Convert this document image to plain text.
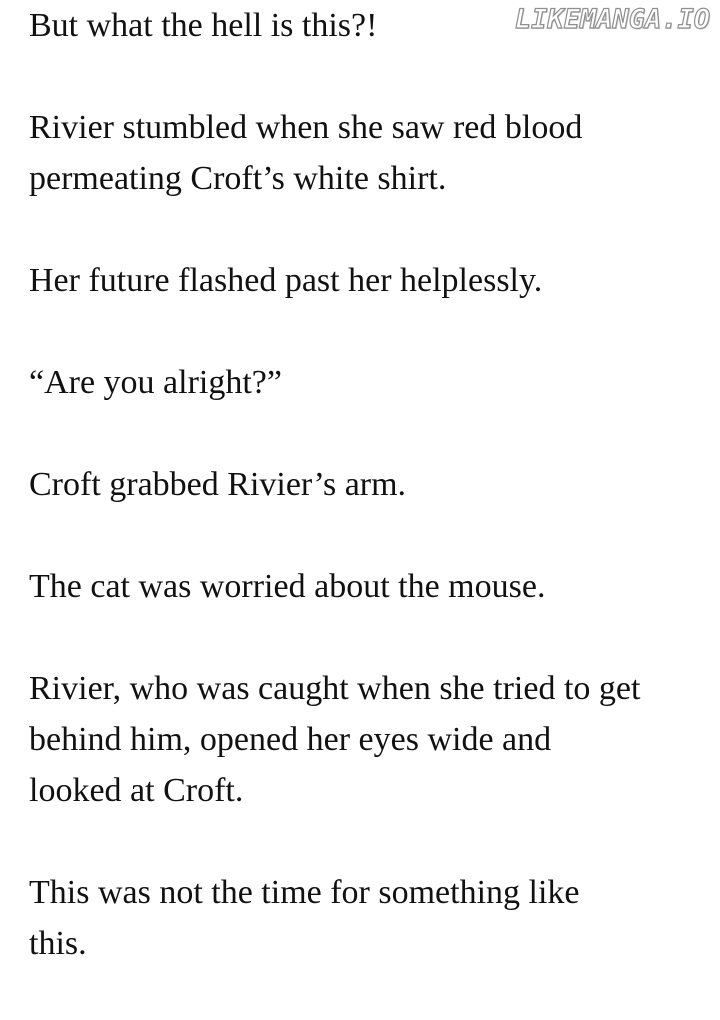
LIKEMANGA.IO

But what the hell is this?!

Rivier stumbled when she saw red blood
permeating Croft’s white shirt.

Her future flashed past her helplessly.

“Are you alright?”

Croft grabbed Rivier’s arm.

The cat was worried about the mouse.

Rivier, who was caught when she tried to get
behind him, opened her eyes wide and
looked at Croft.

This was not the time for something like
this.
